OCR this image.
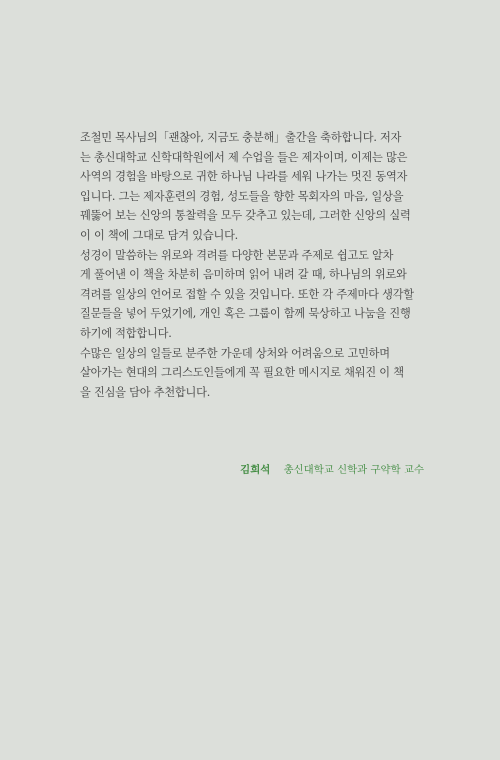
조철민 목사님의「괜찮아, 지금도 충분해」출간을 축하합니다. 저자
는 총신대학교 신학대학원에서 제 수업을 들은 제자이며, 이제는 많은
사역의 경험을 바탕으로 귀한 하나님 나라를 세워 나가는 멋진 동역자
입니다. 그는 제자훈련의 경험, 성도들을 향한 목회자의 마음, 일상을
꿰뚫어 보는 신앙의 통찰력을 모두 갖추고 있는데, 그러한 신앙의 실력
이 이 책에 그대로 담겨 있습니다.

성경이 말씀하는 위로와 격려를 다양한 본문과 주제로 쉽고도 알차
게 풀어낸 이 책을 차분히 음미하며 읽어 내려 갈 때, 하나님의 위로와
격려를 일상의 언어로 접할 수 있을 것입니다. 또한 각 주제마다 생각할
질문들을 넣어 두었기에, 개인 혹은 그룹이 함께 묵상하고 나눔을 진행
하기에 적합합니다.

수많은 일상의 일들로 분주한 가운데 상처와 어려움으로 고민하며
살아가는 현대의 그리스도인들에게 꼭 필요한 메시지로 채워진 이 책
을 진심을 담아 추천합니다.

김희석 총신대학교 신학과 구약학 교수
